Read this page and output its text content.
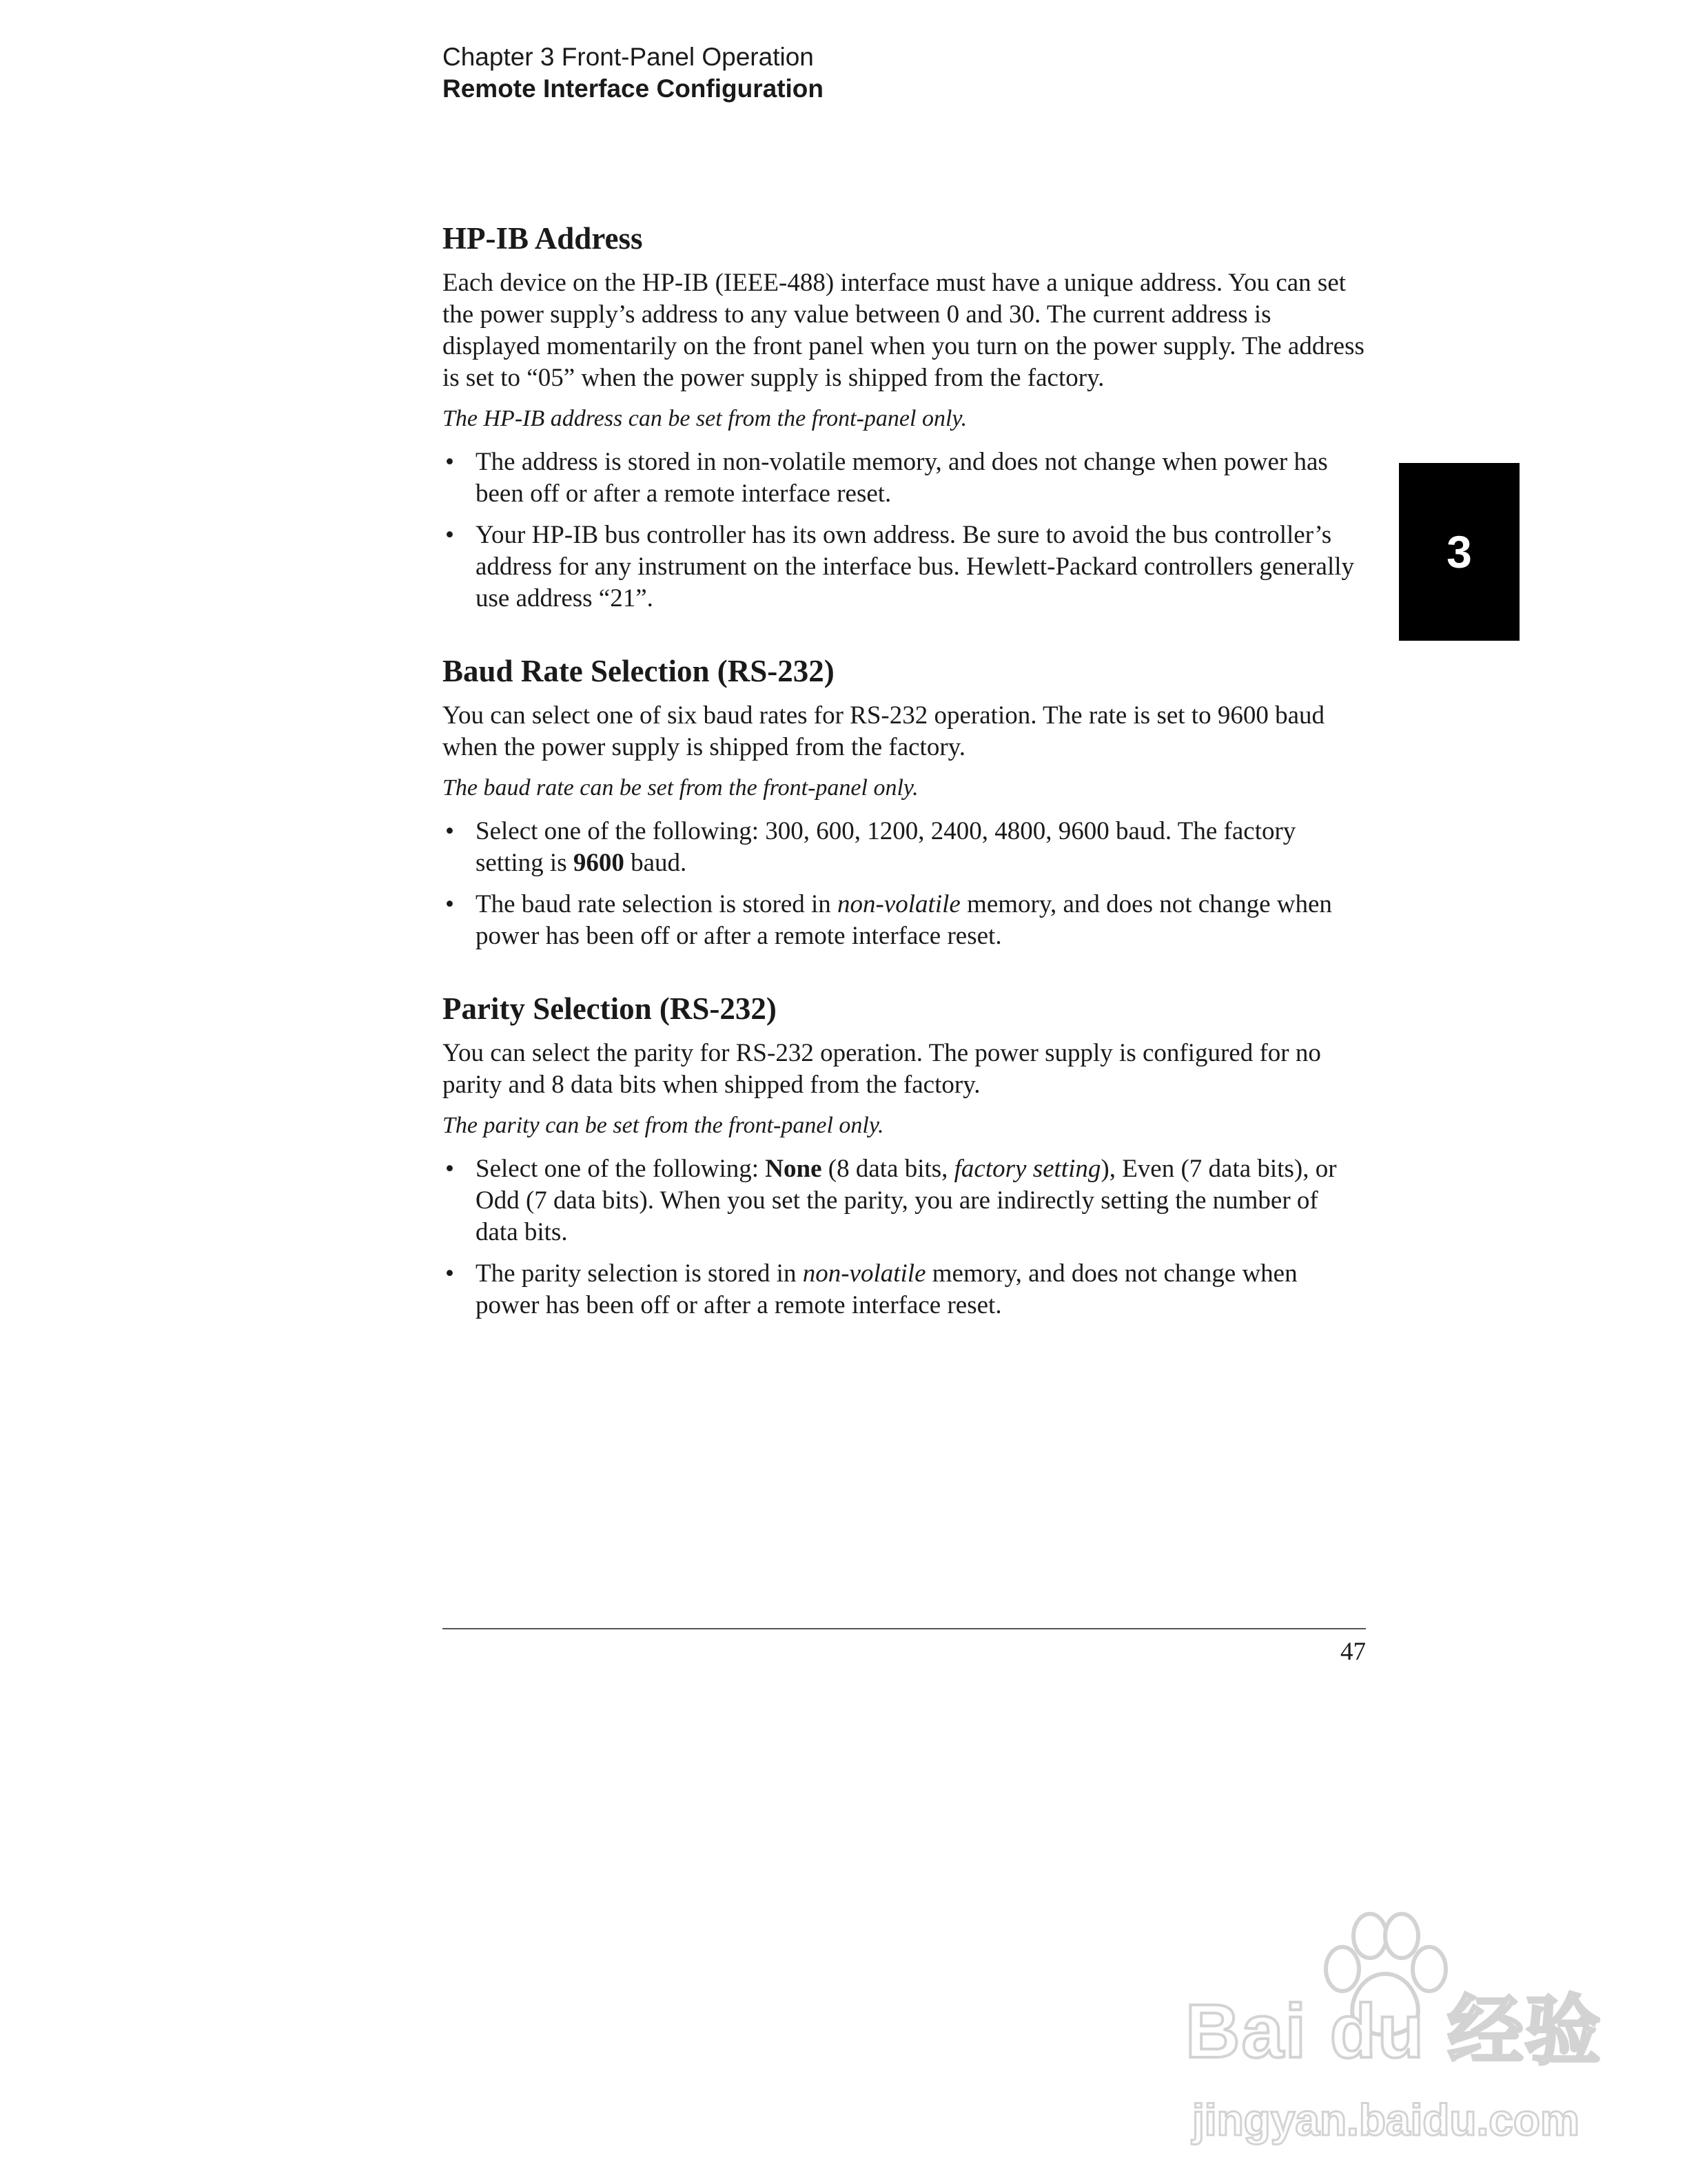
Chapter 3 Front-Panel Operation
Remote Interface Configuration
3
HP-IB Address

Each device on the HP-IB (IEEE-488) interface must have a unique address. You can set the power supply’s address to any value between 0 and 30. The current address is displayed momentarily on the front panel when you turn on the power supply. The address is set to “05” when the power supply is shipped from the factory.

The HP-IB address can be set from the front-panel only.

• The address is stored in non-volatile memory, and does not change when power has been off or after a remote interface reset.
• Your HP-IB bus controller has its own address. Be sure to avoid the bus controller’s address for any instrument on the interface bus. Hewlett-Packard controllers generally use address “21”.
Baud Rate Selection (RS-232)

You can select one of six baud rates for RS-232 operation. The rate is set to 9600 baud when the power supply is shipped from the factory.

The baud rate can be set from the front-panel only.

• Select one of the following: 300, 600, 1200, 2400, 4800, 9600 baud. The factory setting is 9600 baud.
• The baud rate selection is stored in non-volatile memory, and does not change when power has been off or after a remote interface reset.
Parity Selection (RS-232)

You can select the parity for RS-232 operation. The power supply is configured for no parity and 8 data bits when shipped from the factory.

The parity can be set from the front-panel only.

• Select one of the following: None (8 data bits, factory setting), Even (7 data bits), or Odd (7 data bits). When you set the parity, you are indirectly setting the number of data bits.
• The parity selection is stored in non-volatile memory, and does not change when power has been off or after a remote interface reset.
47
Bai du 经验
jingyan.baidu.com
